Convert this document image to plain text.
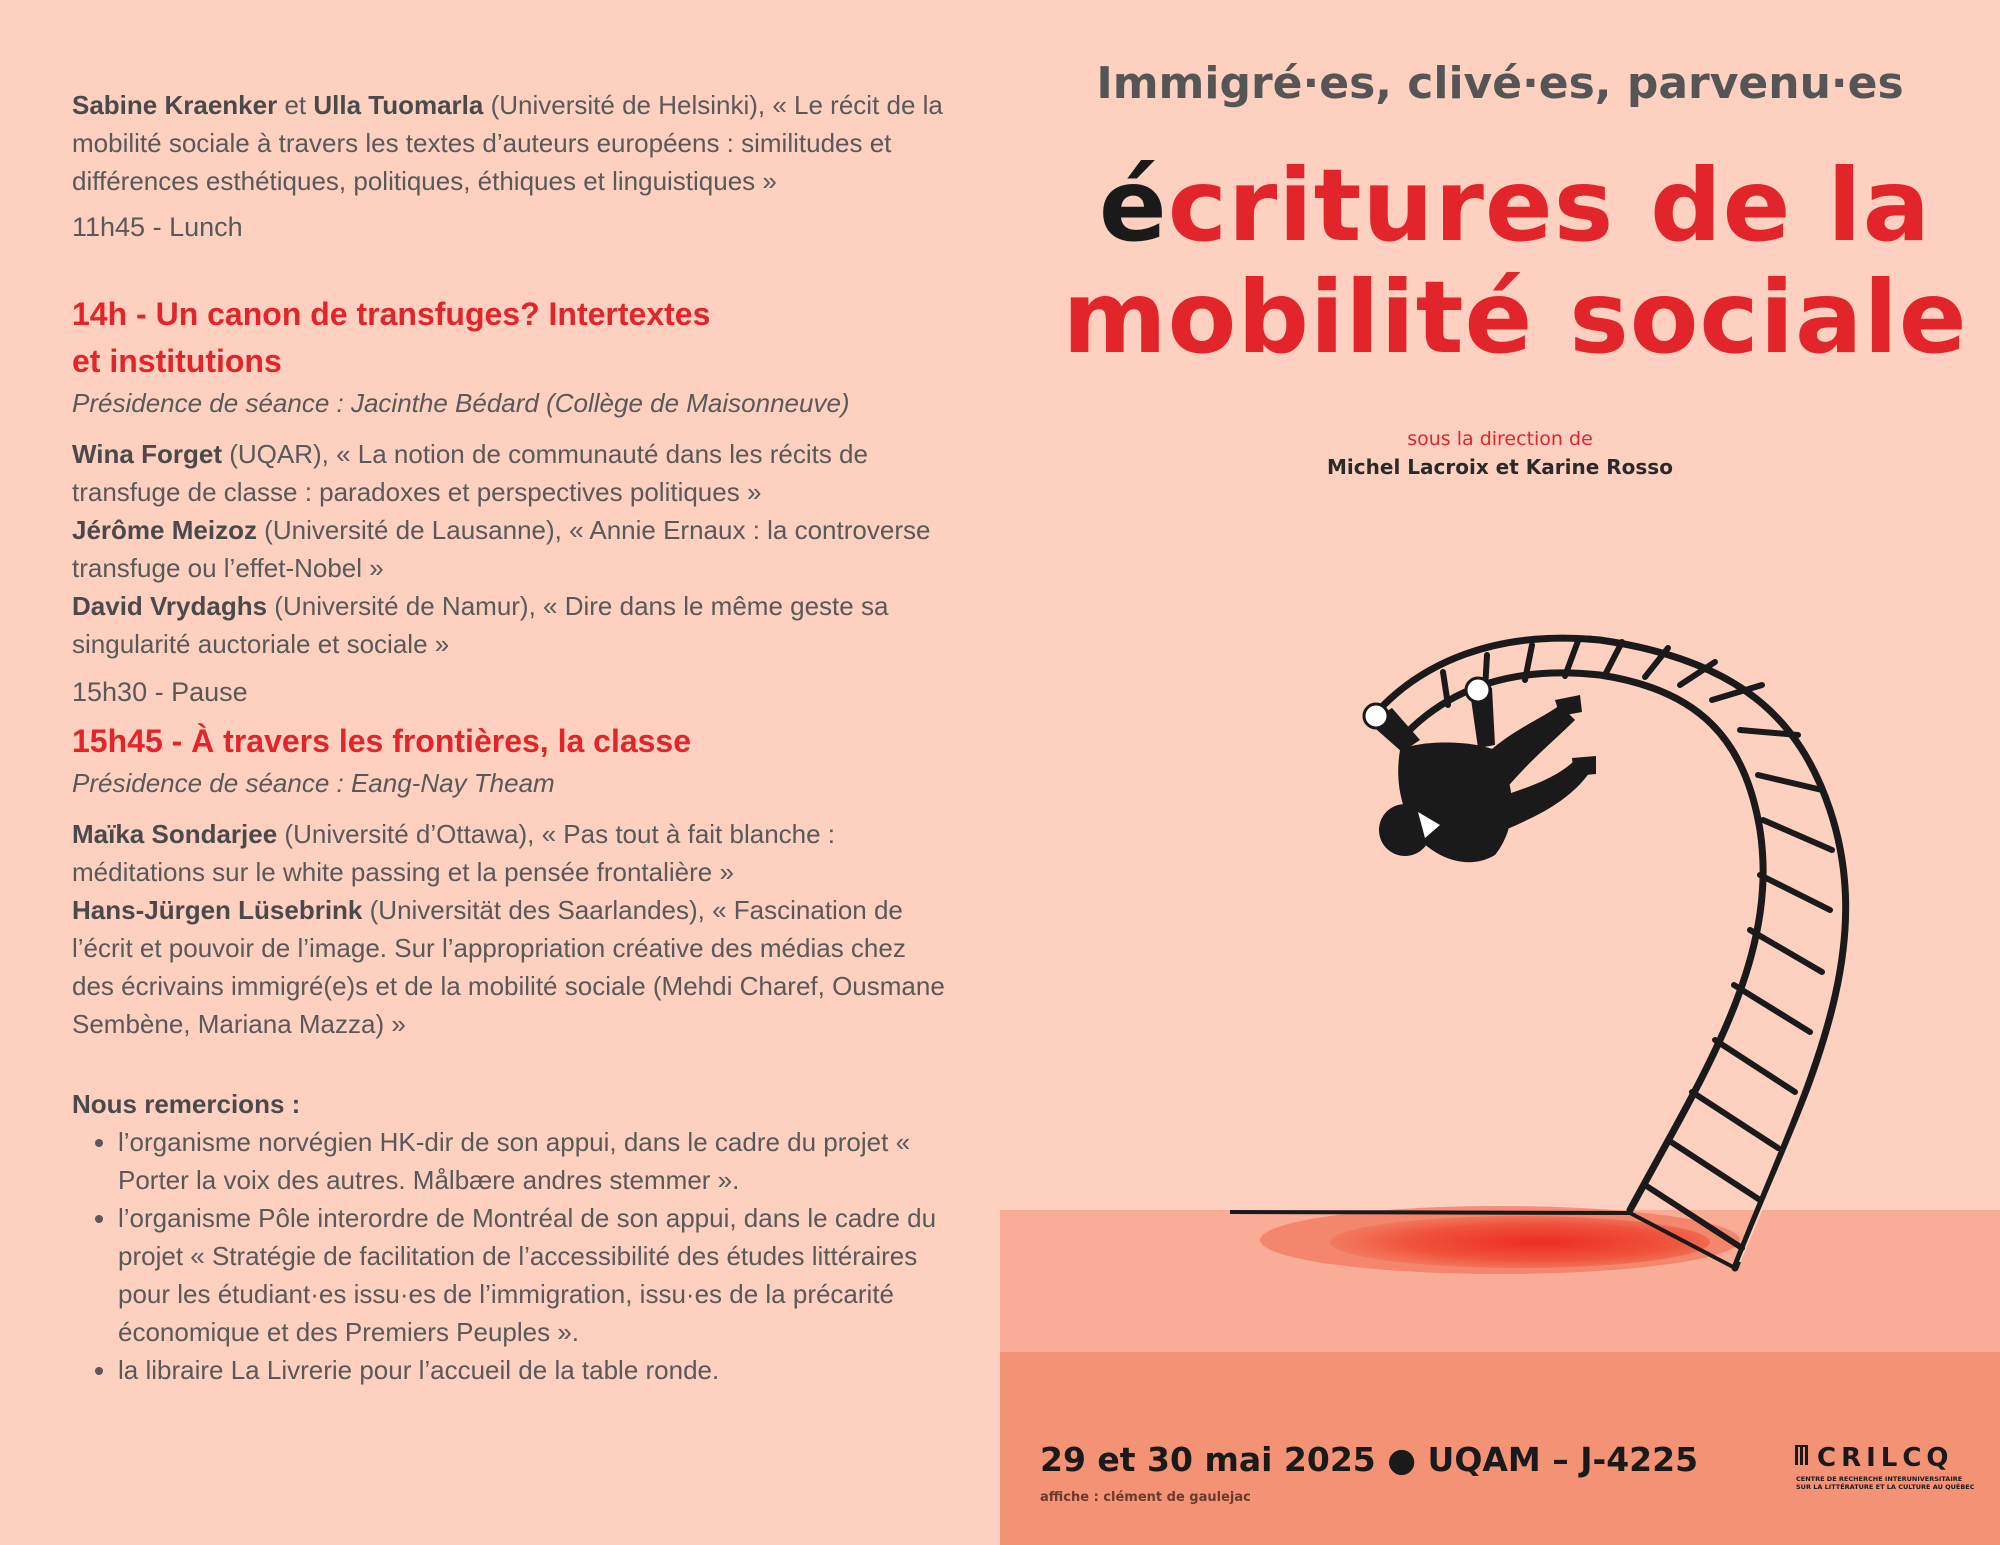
Sabine Kraenker et Ulla Tuomarla (Université de Helsinki), « Le récit de la mobilité sociale à travers les textes d’auteurs européens : similitudes et différences esthétiques, politiques, éthiques et linguistiques »

11h45 - Lunch

14h - Un canon de transfuges? Intertextes
et institutions

Présidence de séance : Jacinthe Bédard (Collège de Maisonneuve)

Wina Forget (UQAR), « La notion de communauté dans les récits de transfuge de classe : paradoxes et perspectives politiques »

Jérôme Meizoz (Université de Lausanne), « Annie Ernaux : la controverse transfuge ou l’effet-Nobel »

David Vrydaghs (Université de Namur), « Dire dans le même geste sa singularité auctoriale et sociale »

15h30 - Pause

15h45 - À travers les frontières, la classe

Présidence de séance : Eang-Nay Theam

Maïka Sondarjee (Université d’Ottawa), « Pas tout à fait blanche : méditations sur le white passing et la pensée frontalière »

Hans-Jürgen Lüsebrink (Universität des Saarlandes), « Fascination de l’écrit et pouvoir de l’image. Sur l’appropriation créative des médias chez des écrivains immigré(e)s et de la mobilité sociale (Mehdi Charef, Ousmane Sembène, Mariana Mazza) »

Nous remercions :

• l’organisme norvégien HK-dir de son appui, dans le cadre du projet « Porter la voix des autres. Målbære andres stemmer ».
• l’organisme Pôle interordre de Montréal de son appui, dans le cadre du projet « Stratégie de facilitation de l’accessibilité des études littéraires pour les étudiant·es issu·es de l’immigration, issu·es de la précarité économique et des Premiers Peuples ».
• la libraire La Livrerie pour l’accueil de la table ronde.
Immigré·es, clivé·es, parvenu·es
écritures de la
mobilité sociale
sous la direction de
Michel Lacroix et Karine Rosso
29 et 30 mai 2025 ● UQAM – J-4225
affiche : clément de gaulejac
CRILCQ
CENTRE DE RECHERCHE INTERUNIVERSITAIRE
SUR LA LITTÉRATURE ET LA CULTURE AU QUÉBEC
